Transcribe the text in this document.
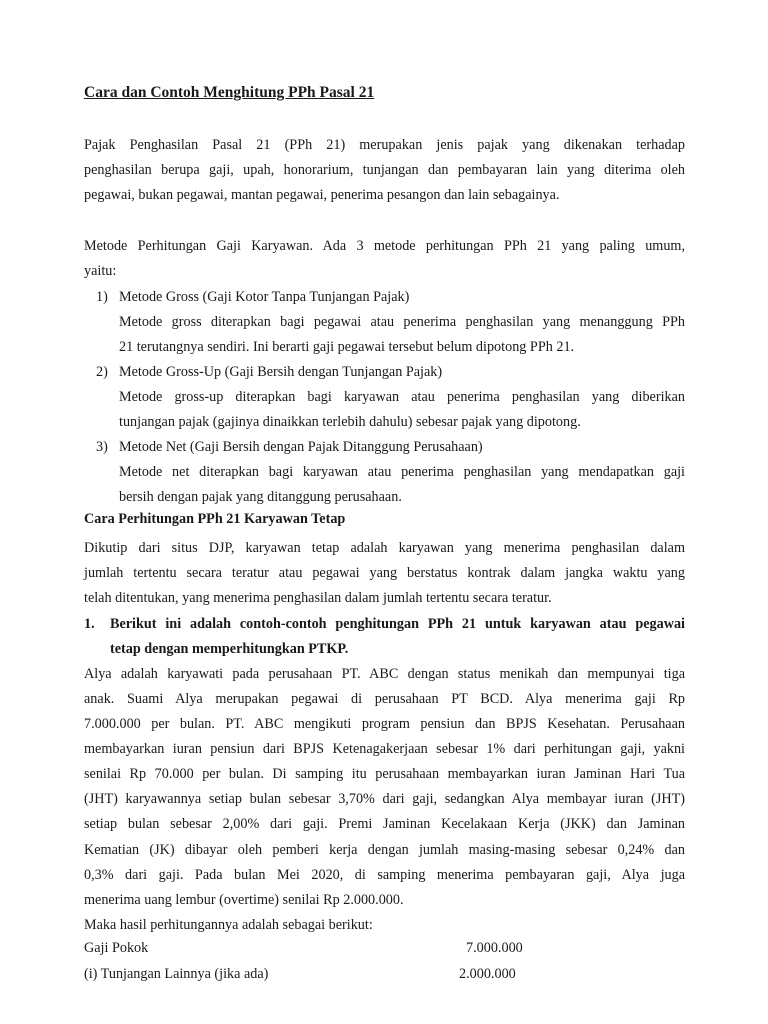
Cara dan Contoh Menghitung PPh Pasal 21
Pajak Penghasilan Pasal 21 (PPh 21) merupakan jenis pajak yang dikenakan terhadap
penghasilan berupa gaji, upah, honorarium, tunjangan dan pembayaran lain yang diterima oleh
pegawai, bukan pegawai, mantan pegawai, penerima pesangon dan lain sebagainya.
Metode Perhitungan Gaji Karyawan. Ada 3 metode perhitungan PPh 21 yang paling umum,
yaitu:
1) Metode Gross (Gaji Kotor Tanpa Tunjangan Pajak)
Metode gross diterapkan bagi pegawai atau penerima penghasilan yang menanggung PPh
21 terutangnya sendiri. Ini berarti gaji pegawai tersebut belum dipotong PPh 21.
2) Metode Gross-Up (Gaji Bersih dengan Tunjangan Pajak)
Metode gross-up diterapkan bagi karyawan atau penerima penghasilan yang diberikan
tunjangan pajak (gajinya dinaikkan terlebih dahulu) sebesar pajak yang dipotong.
3) Metode Net (Gaji Bersih dengan Pajak Ditanggung Perusahaan)
Metode net diterapkan bagi karyawan atau penerima penghasilan yang mendapatkan gaji
bersih dengan pajak yang ditanggung perusahaan.
Cara Perhitungan PPh 21 Karyawan Tetap
Dikutip dari situs DJP, karyawan tetap adalah karyawan yang menerima penghasilan dalam
jumlah tertentu secara teratur atau pegawai yang berstatus kontrak dalam jangka waktu yang
telah ditentukan, yang menerima penghasilan dalam jumlah tertentu secara teratur.
1. Berikut ini adalah contoh-contoh penghitungan PPh 21 untuk karyawan atau pegawai
tetap dengan memperhitungkan PTKP.
Alya adalah karyawati pada perusahaan PT. ABC dengan status menikah dan mempunyai tiga
anak. Suami Alya merupakan pegawai di perusahaan PT BCD. Alya menerima gaji Rp
7.000.000 per bulan. PT. ABC mengikuti program pensiun dan BPJS Kesehatan. Perusahaan
membayarkan iuran pensiun dari BPJS Ketenagakerjaan sebesar 1% dari perhitungan gaji, yakni
senilai Rp 70.000 per bulan. Di samping itu perusahaan membayarkan iuran Jaminan Hari Tua
(JHT) karyawannya setiap bulan sebesar 3,70% dari gaji, sedangkan Alya membayar iuran (JHT)
setiap bulan sebesar 2,00% dari gaji. Premi Jaminan Kecelakaan Kerja (JKK) dan Jaminan
Kematian (JK) dibayar oleh pemberi kerja dengan jumlah masing-masing sebesar 0,24% dan
0,3% dari gaji. Pada bulan Mei 2020, di samping menerima pembayaran gaji, Alya juga
menerima uang lembur (overtime) senilai Rp 2.000.000.
Maka hasil perhitungannya adalah sebagai berikut:
Gaji Pokok	7.000.000
(i) Tunjangan Lainnya (jika ada)	2.000.000
